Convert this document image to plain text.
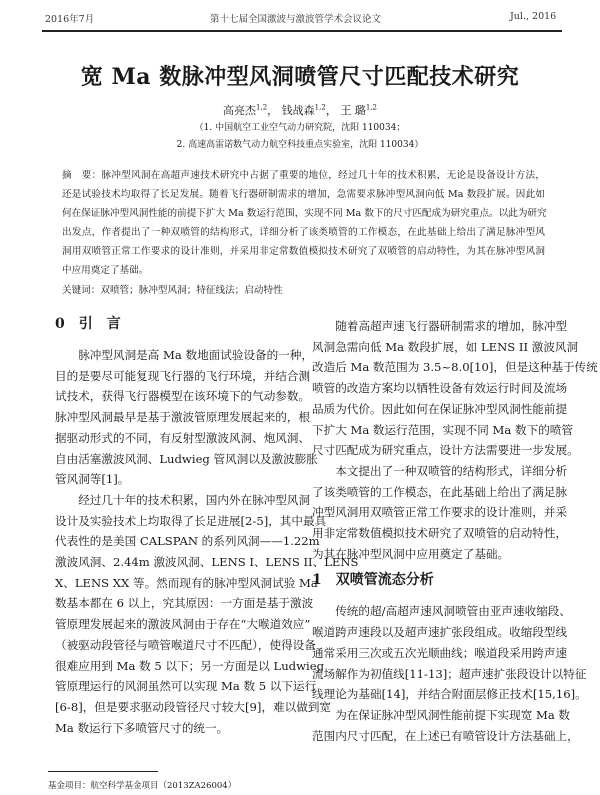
2016年7月	第十七届全国激波与激波管学术会议论文	Jul., 2016
宽 Ma 数脉冲型风洞喷管尺寸匹配技术研究
高亮杰$^{1,2}$， 钱战森$^{1,2}$， 王 璐$^{1,2}$
（1. 中国航空工业空气动力研究院，沈阳 110034；
2. 高速高雷诺数气动力航空科技重点实验室，沈阳 110034）
摘　要：脉冲型风洞在高超声速技术研究中占据了重要的地位，经过几十年的技术积累，无论是设备设计方法，
还是试验技术均取得了长足发展。随着飞行器研制需求的增加，急需要求脉冲型风洞向低 Ma 数段扩展。因此如
何在保证脉冲型风洞性能的前提下扩大 Ma 数运行范围，实现不同 Ma 数下的尺寸匹配成为研究重点。以此为研究
出发点，作者提出了一种双喷管的结构形式，详细分析了该类喷管的工作模态，在此基础上给出了满足脉冲型风
洞用双喷管正常工作要求的设计准则，并采用非定常数值模拟技术研究了双喷管的启动特性，为其在脉冲型风洞
中应用奠定了基础。
关键词：双喷管；脉冲型风洞；特征线法；启动特性
0　引　言
　　脉冲型风洞是高 Ma 数地面试验设备的一种，
目的是要尽可能复现飞行器的飞行环境，并结合测
试技术，获得飞行器模型在该环境下的气动参数。
脉冲型风洞最早是基于激波管原理发展起来的，根
据驱动形式的不同，有反射型激波风洞、炮风洞、
自由活塞激波风洞、Ludwieg 管风洞以及激波膨胀
管风洞等[1]。
　　经过几十年的技术积累，国内外在脉冲型风洞
设计及实验技术上均取得了长足进展[2-5]，其中最具
代表性的是美国 CALSPAN 的系列风洞——1.22m
激波风洞、2.44m 激波风洞、LENS I、LENS II、LENS
X、LENS XX 等。然而现有的脉冲型风洞试验 Ma
数基本都在 6 以上，究其原因：一方面是基于激波
管原理发展起来的激波风洞由于存在“大喉道效应”
（被驱动段管径与喷管喉道尺寸不匹配），使得设备
很难应用到 Ma 数 5 以下；另一方面是以 Ludwieg
管原理运行的风洞虽然可以实现 Ma 数 5 以下运行
[6-8]，但是要求驱动段管径尺寸较大[9]，难以做到宽
Ma 数运行下多喷管尺寸的统一。
　　随着高超声速飞行器研制需求的增加，脉冲型
风洞急需向低 Ma 数段扩展，如 LENS II 激波风洞
改造后 Ma 数范围为 3.5~8.0[10]，但是这种基于传统
喷管的改造方案均以牺牲设备有效运行时间及流场
品质为代价。因此如何在保证脉冲型风洞性能前提
下扩大 Ma 数运行范围，实现不同 Ma 数下的喷管
尺寸匹配成为研究重点，设计方法需要进一步发展。
　　本文提出了一种双喷管的结构形式，详细分析
了该类喷管的工作模态，在此基础上给出了满足脉
冲型风洞用双喷管正常工作要求的设计准则，并采
用非定常数值模拟技术研究了双喷管的启动特性，
为其在脉冲型风洞中应用奠定了基础。
1　双喷管流态分析
　　传统的超/高超声速风洞喷管由亚声速收缩段、
喉道跨声速段以及超声速扩张段组成。收缩段型线
通常采用三次或五次光顺曲线；喉道段采用跨声速
流场解作为初值线[11-13]；超声速扩张段设计以特征
线理论为基础[14]，并结合附面层修正技术[15,16]。
　　为在保证脉冲型风洞性能前提下实现宽 Ma 数
范围内尺寸匹配，在上述已有喷管设计方法基础上，
基金项目：航空科学基金项目（2013ZA26004）
